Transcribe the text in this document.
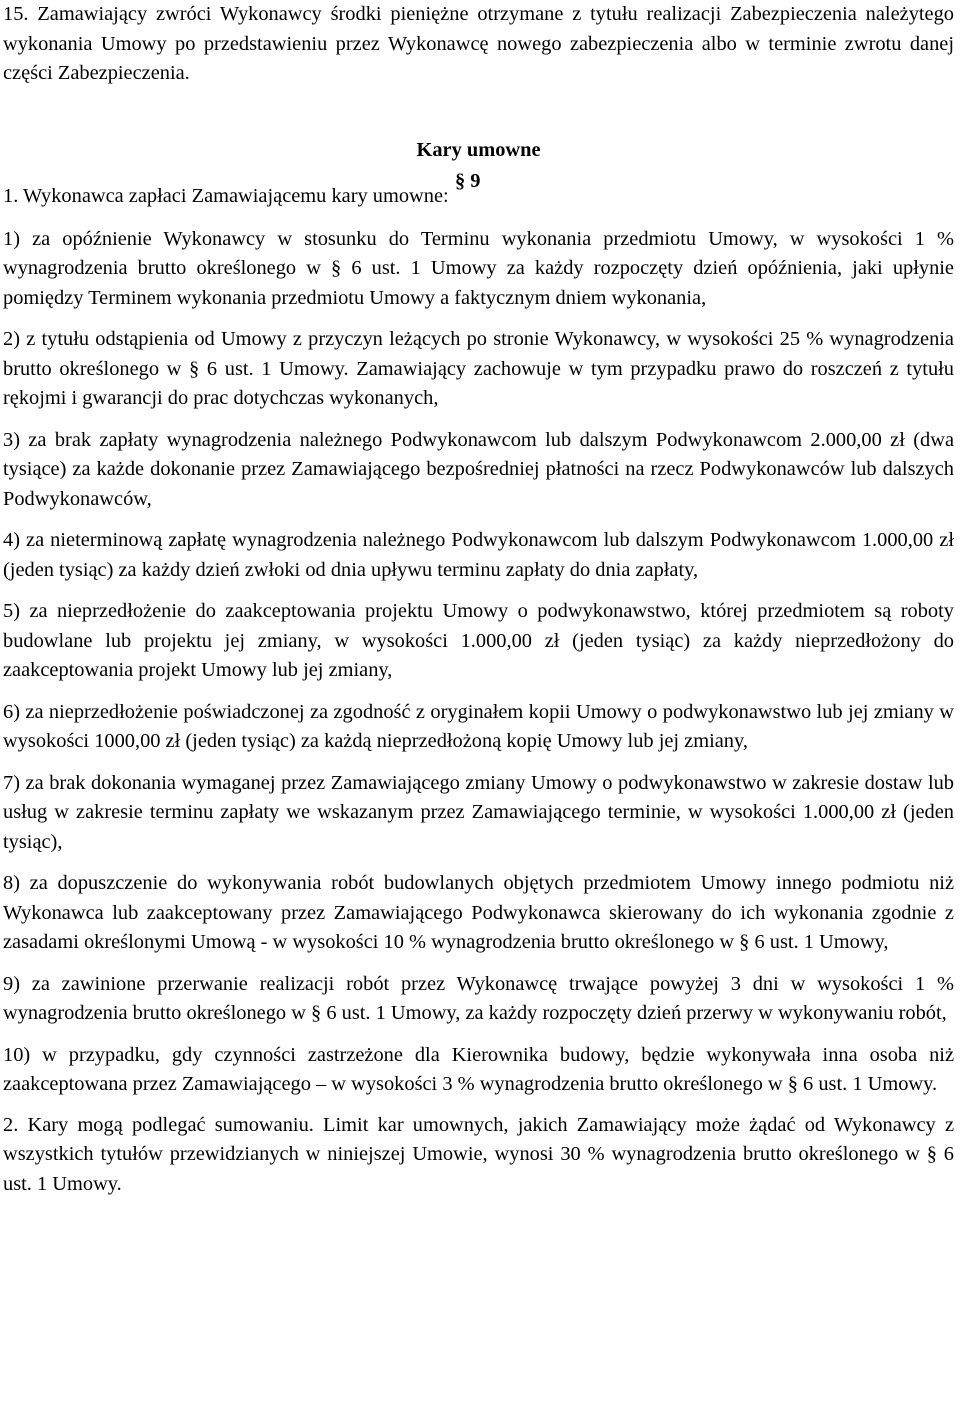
15. Zamawiający zwróci Wykonawcy środki pieniężne otrzymane z tytułu realizacji Zabezpieczenia należytego wykonania Umowy po przedstawieniu przez Wykonawcę nowego zabezpieczenia albo w terminie zwrotu danej części Zabezpieczenia.

Kary umowne

§ 9

1. Wykonawca zapłaci Zamawiającemu kary umowne:

1) za opóźnienie Wykonawcy w stosunku do Terminu wykonania przedmiotu Umowy, w wysokości 1 % wynagrodzenia brutto określonego w § 6 ust. 1 Umowy za każdy rozpoczęty dzień opóźnienia, jaki upłynie pomiędzy Terminem wykonania przedmiotu Umowy a faktycznym dniem wykonania,

2) z tytułu odstąpienia od Umowy z przyczyn leżących po stronie Wykonawcy, w wysokości 25 % wynagrodzenia brutto określonego w § 6 ust. 1 Umowy. Zamawiający zachowuje w tym przypadku prawo do roszczeń z tytułu rękojmi i gwarancji do prac dotychczas wykonanych,

3) za brak zapłaty wynagrodzenia należnego Podwykonawcom lub dalszym Podwykonawcom 2.000,00 zł (dwa tysiące) za każde dokonanie przez Zamawiającego bezpośredniej płatności na rzecz Podwykonawców lub dalszych Podwykonawców,

4) za nieterminową zapłatę wynagrodzenia należnego Podwykonawcom lub dalszym Podwykonawcom 1.000,00 zł (jeden tysiąc) za każdy dzień zwłoki od dnia upływu terminu zapłaty do dnia zapłaty,

5) za nieprzedłożenie do zaakceptowania projektu Umowy o podwykonawstwo, której przedmiotem są roboty budowlane lub projektu jej zmiany, w wysokości 1.000,00 zł (jeden tysiąc) za każdy nieprzedłożony do zaakceptowania projekt Umowy lub jej zmiany,

6) za nieprzedłożenie poświadczonej za zgodność z oryginałem kopii Umowy o podwykonawstwo lub jej zmiany w wysokości 1000,00 zł (jeden tysiąc) za każdą nieprzedłożoną kopię Umowy lub jej zmiany,

7) za brak dokonania wymaganej przez Zamawiającego zmiany Umowy o podwykonawstwo w zakresie dostaw lub usług w zakresie terminu zapłaty we wskazanym przez Zamawiającego terminie, w wysokości 1.000,00 zł (jeden tysiąc),

8) za dopuszczenie do wykonywania robót budowlanych objętych przedmiotem Umowy innego podmiotu niż Wykonawca lub zaakceptowany przez Zamawiającego Podwykonawca skierowany do ich wykonania zgodnie z zasadami określonymi Umową - w wysokości 10 % wynagrodzenia brutto określonego w § 6 ust. 1 Umowy,

9) za zawinione przerwanie realizacji robót przez Wykonawcę trwające powyżej 3 dni w wysokości 1 % wynagrodzenia brutto określonego w § 6 ust. 1 Umowy, za każdy rozpoczęty dzień przerwy w wykonywaniu robót,

10) w przypadku, gdy czynności zastrzeżone dla Kierownika budowy, będzie wykonywała inna osoba niż zaakceptowana przez Zamawiającego – w wysokości 3 % wynagrodzenia brutto określonego w § 6 ust. 1 Umowy.

2. Kary mogą podlegać sumowaniu. Limit kar umownych, jakich Zamawiający może żądać od Wykonawcy z wszystkich tytułów przewidzianych w niniejszej Umowie, wynosi 30 % wynagrodzenia brutto określonego w § 6 ust. 1 Umowy.
